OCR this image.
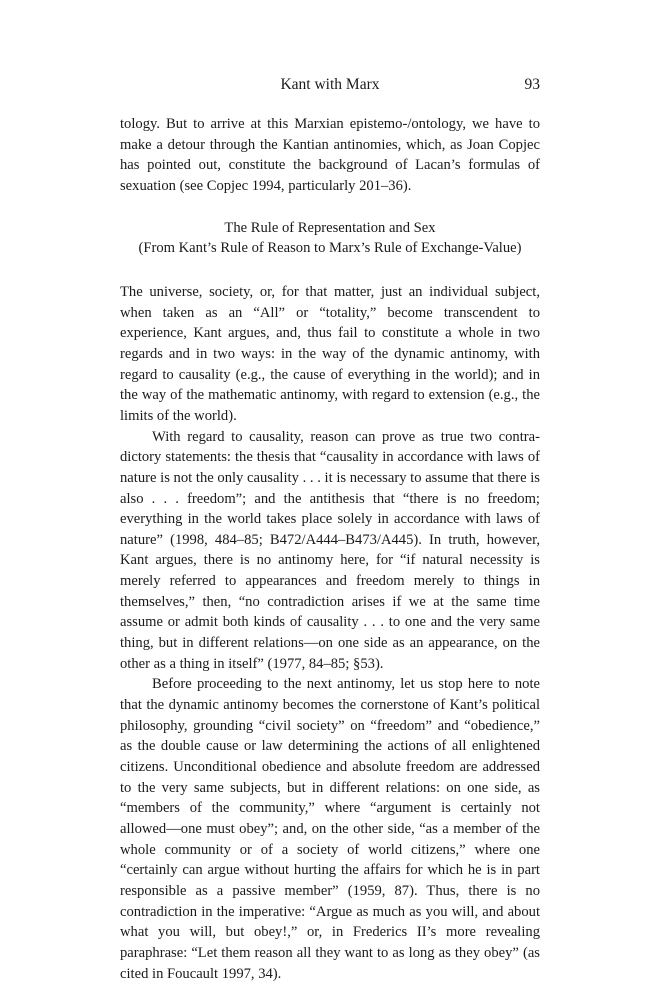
Kant with Marx	93

tology. But to arrive at this Marxian epistemo-/ontology, we have to make a detour through the Kantian antinomies, which, as Joan Copjec has pointed out, constitute the background of Lacan’s formulas of sexuation (see Copjec 1994, particularly 201–36).

The Rule of Representation and Sex
(From Kant’s Rule of Reason to Marx’s Rule of Exchange-Value)

The universe, society, or, for that matter, just an individual subject, when taken as an “All” or “totality,” become transcendent to experience, Kant argues, and, thus fail to constitute a whole in two regards and in two ways: in the way of the dynamic antinomy, with regard to causality (e.g., the cause of everything in the world); and in the way of the mathematic antinomy, with regard to extension (e.g., the limits of the world).

With regard to causality, reason can prove as true two contradictory statements: the thesis that “causality in accordance with laws of nature is not the only causality . . . it is necessary to assume that there is also . . . freedom”; and the antithesis that “there is no freedom; everything in the world takes place solely in accordance with laws of nature” (1998, 484–85; B472/A444–B473/A445). In truth, however, Kant argues, there is no antinomy here, for “if natural necessity is merely referred to appearances and freedom merely to things in themselves,” then, “no contradiction arises if we at the same time assume or admit both kinds of causality . . . to one and the very same thing, but in different relations—on one side as an appearance, on the other as a thing in itself” (1977, 84–85; §53).

Before proceeding to the next antinomy, let us stop here to note that the dynamic antinomy becomes the cornerstone of Kant’s political philosophy, grounding “civil society” on “freedom” and “obedience,” as the double cause or law determining the actions of all enlightened citizens. Unconditional obedience and absolute freedom are addressed to the very same subjects, but in different relations: on one side, as “members of the community,” where “argument is certainly not allowed—one must obey”; and, on the other side, “as a member of the whole community or of a society of world citizens,” where one “certainly can argue without hurting the affairs for which he is in part responsible as a passive member” (1959, 87). Thus, there is no contradiction in the imperative: “Argue as much as you will, and about what you will, but obey!,” or, in Frederics II’s more revealing paraphrase: “Let them reason all they want to as long as they obey” (as cited in Foucault 1997, 34).
